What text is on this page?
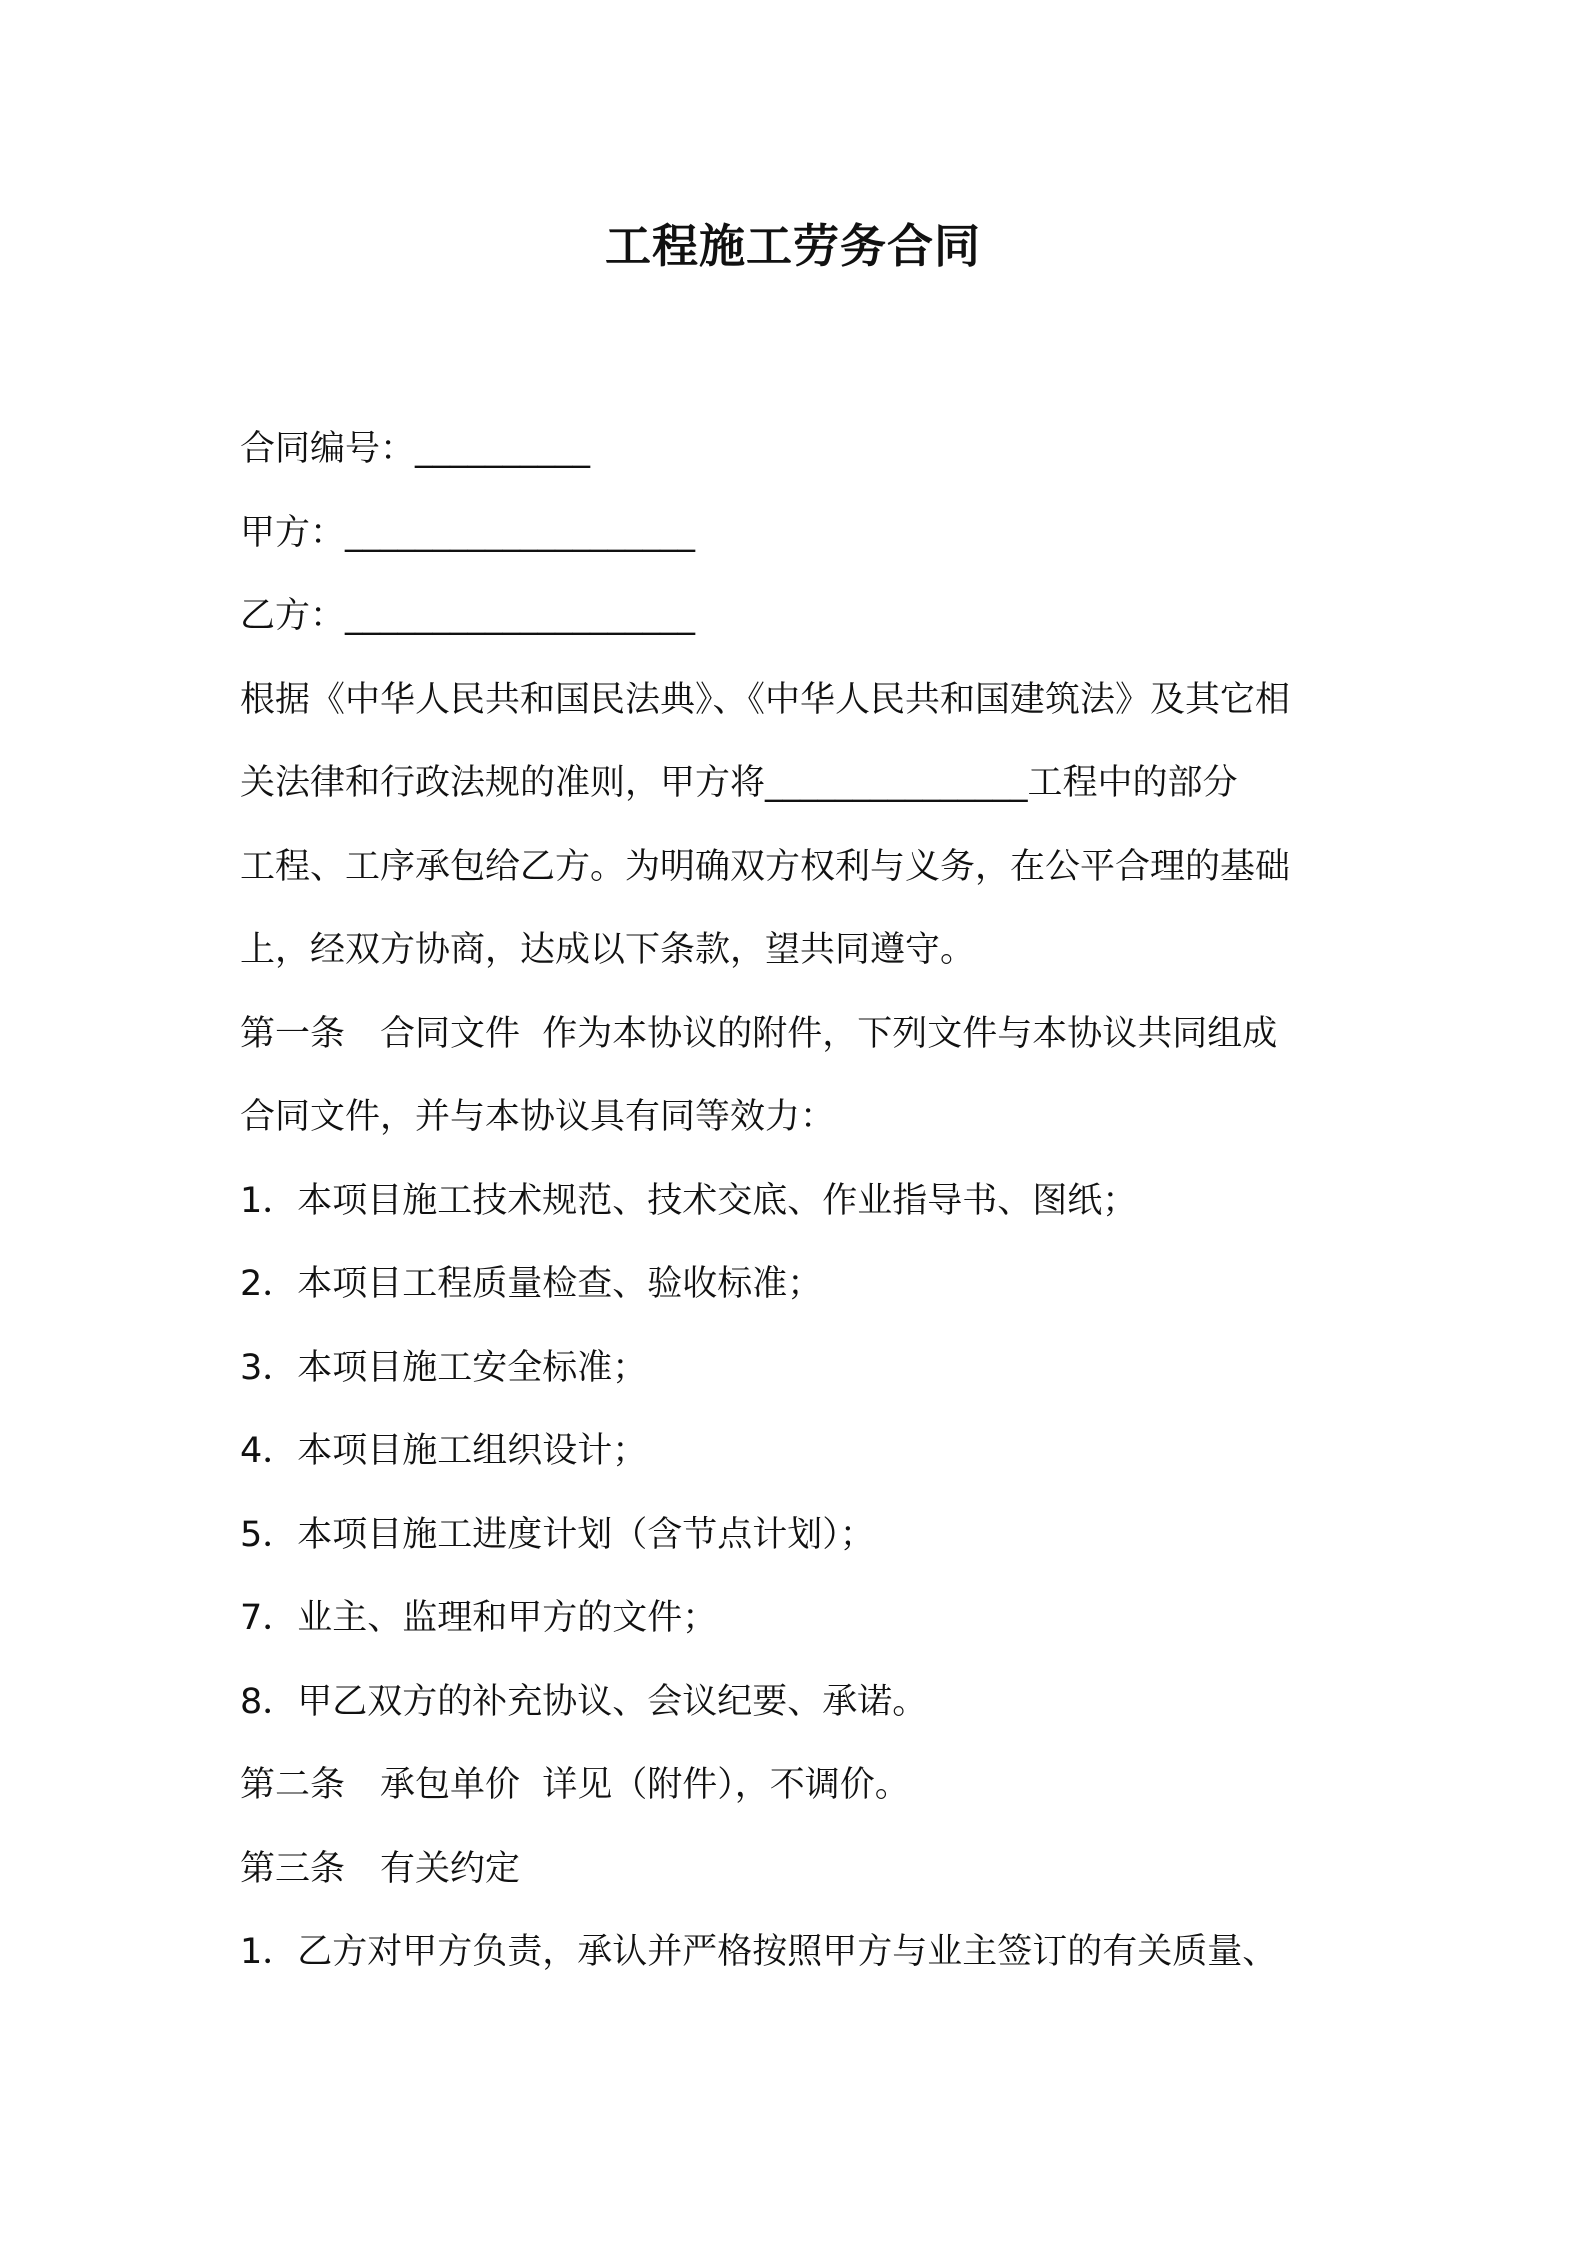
工程施工劳务合同

合同编号：__________

甲方：____________________

乙方：____________________

根据《中华人民共和国民法典》、《中华人民共和国建筑法》及其它相

关法律和行政法规的准则，甲方将_______________工程中的部分

工程、工序承包给乙方。为明确双方权利与义务，在公平合理的基础

上，经双方协商，达成以下条款，望共同遵守。

第一条　合同文件  作为本协议的附件，下列文件与本协议共同组成

合同文件，并与本协议具有同等效力：

1．本项目施工技术规范、技术交底、作业指导书、图纸；

2．本项目工程质量检查、验收标准；

3．本项目施工安全标准；

4．本项目施工组织设计；

5．本项目施工进度计划（含节点计划）；

7．业主、监理和甲方的文件；

8．甲乙双方的补充协议、会议纪要、承诺。

第二条　承包单价  详见（附件），不调价。

第三条　有关约定

1．乙方对甲方负责，承认并严格按照甲方与业主签订的有关质量、
